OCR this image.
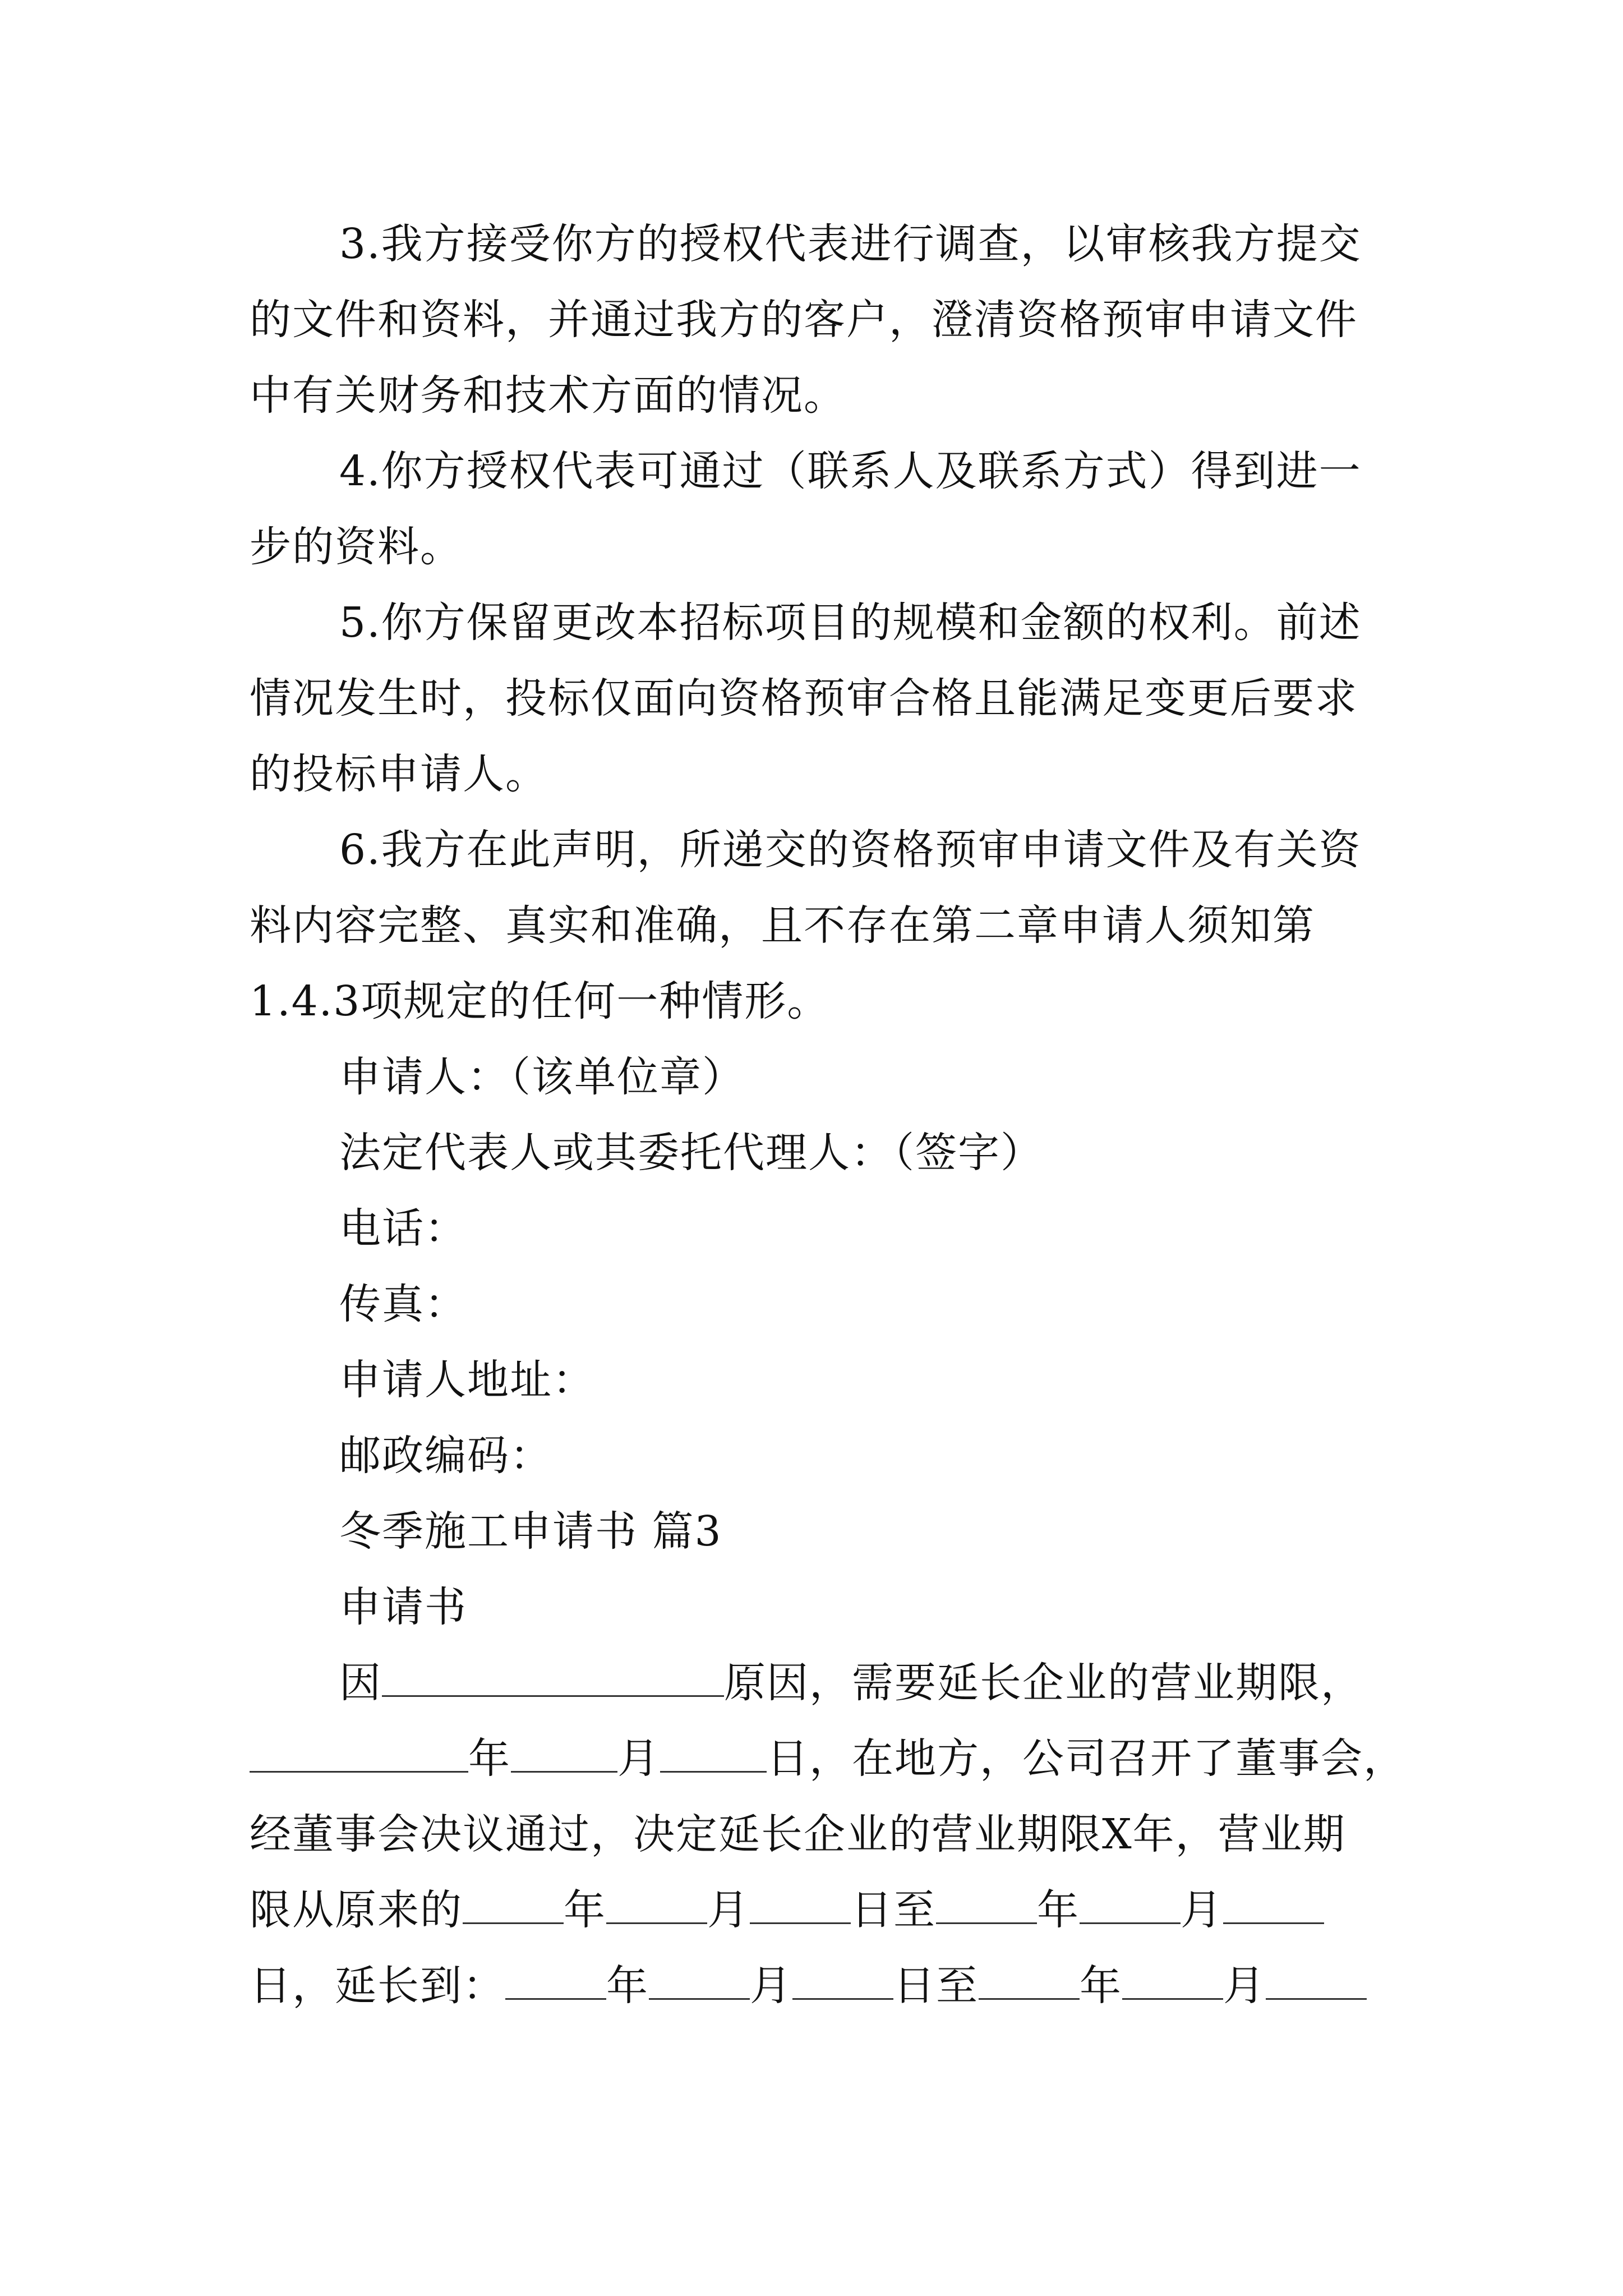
3.我方接受你方的授权代表进行调查，以审核我方提交
的文件和资料，并通过我方的客户，澄清资格预审申请文件
中有关财务和技术方面的情况。
4.你方授权代表可通过（联系人及联系方式）得到进一
步的资料。
5.你方保留更改本招标项目的规模和金额的权利。前述
情况发生时，投标仅面向资格预审合格且能满足变更后要求
的投标申请人。
6.我方在此声明，所递交的资格预审申请文件及有关资
料内容完整、真实和准确，且不存在第二章申请人须知第
1.4.3项规定的任何一种情形。
申请人：（该单位章）
法定代表人或其委托代理人：（签字）
电话：
传真：
申请人地址：
邮政编码：
冬季施工申请书 篇3
申请书
因	原因，需要延长企业的营业期限，
年	月	日，在地方，公司召开了董事会，
经董事会决议通过，决定延长企业的营业期限X年，营业期
限从原来的 年 月 日至 年 月
日，延长到： 年 月 日至 年 月
